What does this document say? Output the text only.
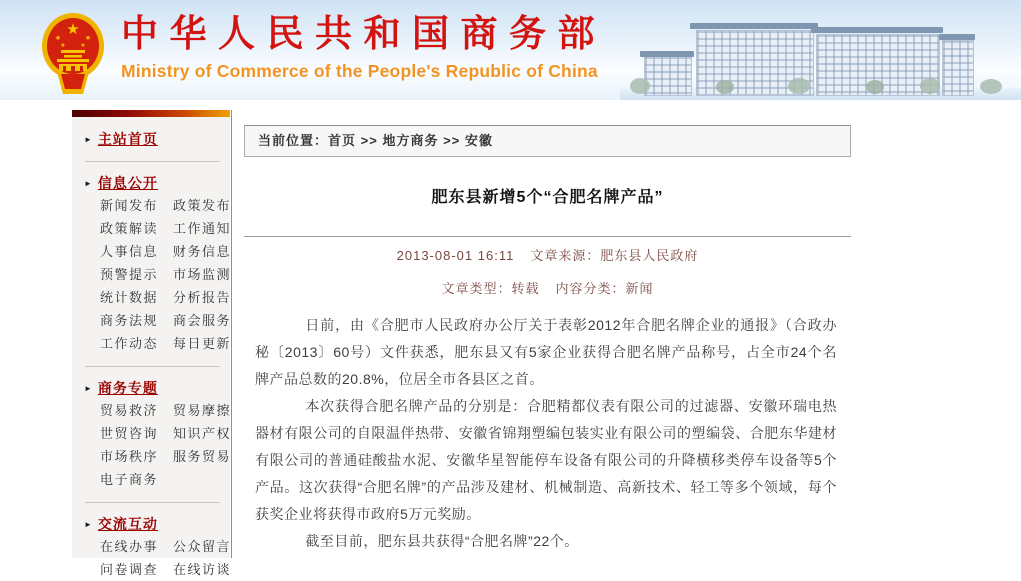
★
★	★
★ ★ 中华人民共和国商务部
Ministry of Commerce of the People's Republic of China
► 主站首页
► 信息公开
新闻发布 政策发布
政策解读 工作通知
人事信息 财务信息
预警提示 市场监测
统计数据 分析报告
商务法规 商会服务
工作动态 每日更新
► 商务专题
贸易救济 贸易摩擦
世贸咨询 知识产权
市场秩序 服务贸易
电子商务
► 交流互动
在线办事 公众留言
问卷调查 在线访谈
当前位置：首页 >> 地方商务 >> 安徽
肥东县新增5个“合肥名牌产品”
2013-08-01 16:11 文章来源：肥东县人民政府
文章类型：转载 内容分类：新闻

日前，由《合肥市人民政府办公厅关于表彰2012年合肥名牌企业的通报》（合政办秘〔2013〕60号）文件获悉，肥东县又有5家企业获得合肥名牌产品称号，占全市24个名牌产品总数的20.8%，位居全市各县区之首。

本次获得合肥名牌产品的分别是：合肥精都仪表有限公司的过滤器、安徽环瑞电热器材有限公司的自限温伴热带、安徽省锦翔塑编包装实业有限公司的塑编袋、合肥东华建材有限公司的普通硅酸盐水泥、安徽华星智能停车设备有限公司的升降横移类停车设备等5个产品。这次获得“合肥名牌”的产品涉及建材、机械制造、高新技术、轻工等多个领域，每个获奖企业将获得市政府5万元奖励。

截至目前，肥东县共获得“合肥名牌”22个。
